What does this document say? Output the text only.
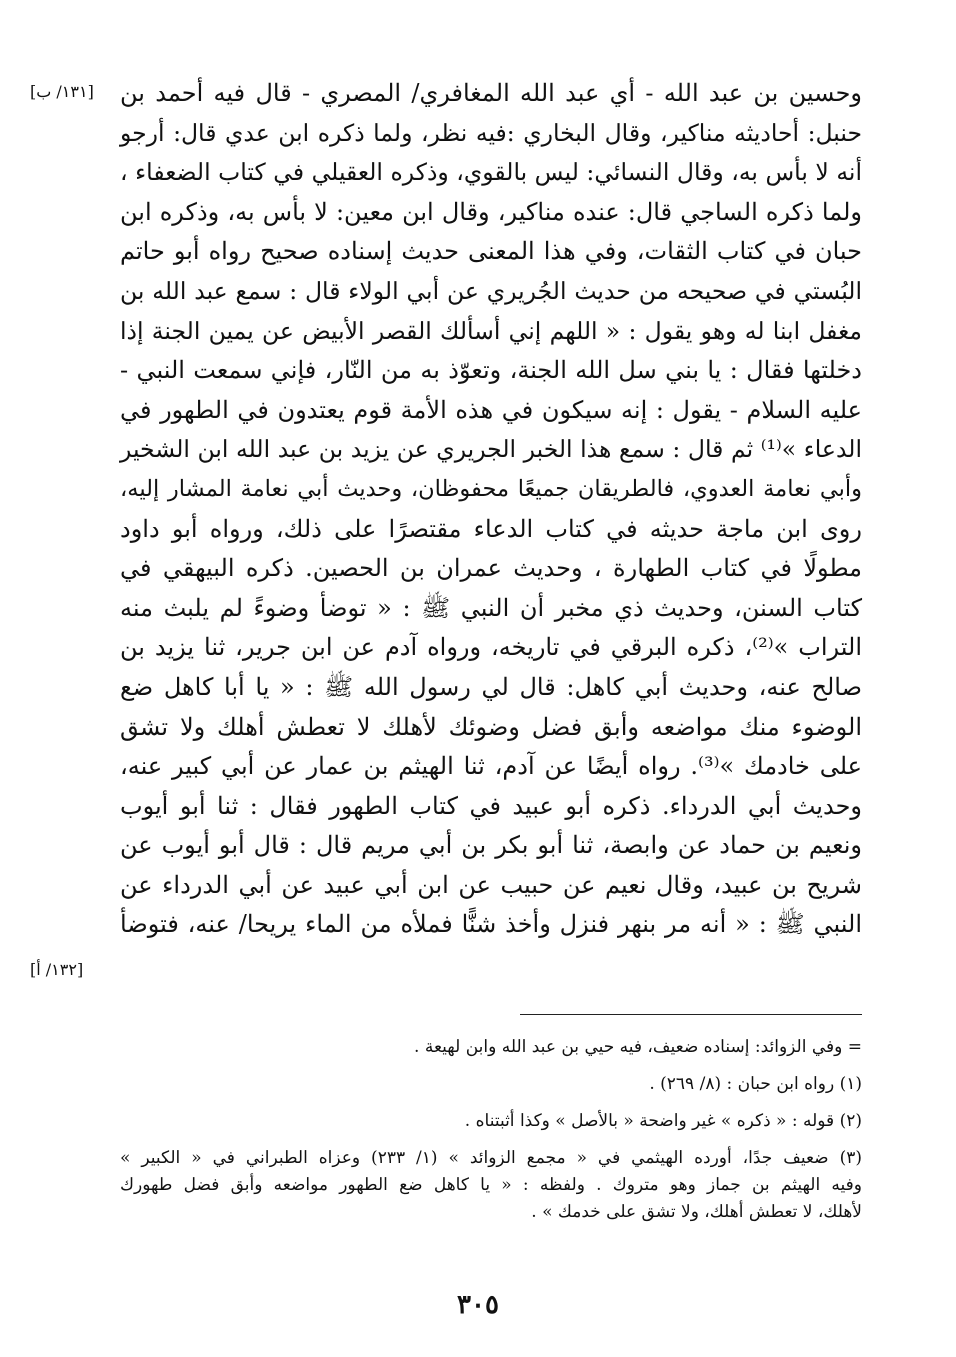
[١٣١/ ب]
[١٣٢/ أ]
وحسين بن عبد الله - أي عبد الله المغافري/ المصري - قال فيه أحمد بن
حنبل: أحاديثه مناكير، وقال البخاري :فيه نظر، ولما ذكره ابن عدي قال: أرجو
أنه لا بأس به، وقال النسائي: ليس بالقوي، وذكره العقيلي في كتاب الضعفاء ،
ولما ذكره الساجي قال: عنده مناكير، وقال ابن معين: لا بأس به، وذكره ابن
حبان في كتاب الثقات، وفي هذا المعنى حديث إسناده صحيح رواه أبو حاتم
البُستي في صحيحه من حديث الجُريري عن أبي الولاء قال : سمع عبد الله بن
مغفل ابنا له وهو يقول : « اللهم إني أسألك القصر الأبيض عن يمين الجنة إذا
دخلتها فقال : يا بني سل الله الجنة، وتعوّذ به من النّار، فإني سمعت النبي -
عليه السلام - يقول : إنه سيكون في هذه الأمة قوم يعتدون في الطهور في
الدعاء »⁽¹⁾ ثم قال : سمع هذا الخبر الجريري عن يزيد بن عبد الله ابن الشخير
وأبي نعامة العدوي، فالطريقان جميعًا محفوظان، وحديث أبي نعامة المشار إليه،
روى ابن ماجة حديثه في كتاب الدعاء مقتصرًا على ذلك، ورواه أبو داود
مطولًا في كتاب الطهارة ، وحديث عمران بن الحصين. ذكره البيهقي في
كتاب السنن، وحديث ذي مخبر أن النبي ﷺ : « توضأ وضوءً لم يلبث منه
التراب »⁽²⁾، ذكره البرقي في تاريخه، ورواه آدم عن ابن جرير، ثنا يزيد بن
صالح عنه، وحديث أبي كاهل: قال لي رسول الله ﷺ : « يا أبا كاهل ضع
الوضوء منك مواضعه وأبق فضل وضوئك لأهلك لا تعطش أهلك ولا تشق
على خادمك »⁽³⁾. رواه أيضًا عن آدم، ثنا الهيثم بن عمار عن أبي كبير عنه،
وحديث أبي الدرداء. ذكره أبو عبيد في كتاب الطهور فقال : ثنا أبو أيوب
ونعيم بن حماد عن وابصة، ثنا أبو بكر بن أبي مريم قال : قال أبو أيوب عن
شريح بن عبيد، وقال نعيم عن حبيب عن ابن أبي عبيد عن أبي الدرداء عن
النبي ﷺ : « أنه مر بنهر فنزل وأخذ شنًّا فملأه من الماء يريحا/ عنه، فتوضأ
= وفي الزوائد: إسناده ضعيف، فيه حيي بن عبد الله وابن لهيعة .
(١) رواه ابن حبان : (٨/ ٢٦٩) .
(٢) قوله : « ذكره » غير واضحة « بالأصل » وكذا أثبتناه .
(٣) ضعيف جدًا، أورده الهيثمي في « مجمع الزوائد » (١/ ٢٣٣) وعزاه الطبراني في « الكبير »
وفيه الهيثم بن جماز وهو متروك . ولفظه : « يا كاهل ضع الطهور مواضعه وأبق فضل طهورك
لأهلك، لا تعطش أهلك، ولا تشق على خدمك » .
٣٠٥
